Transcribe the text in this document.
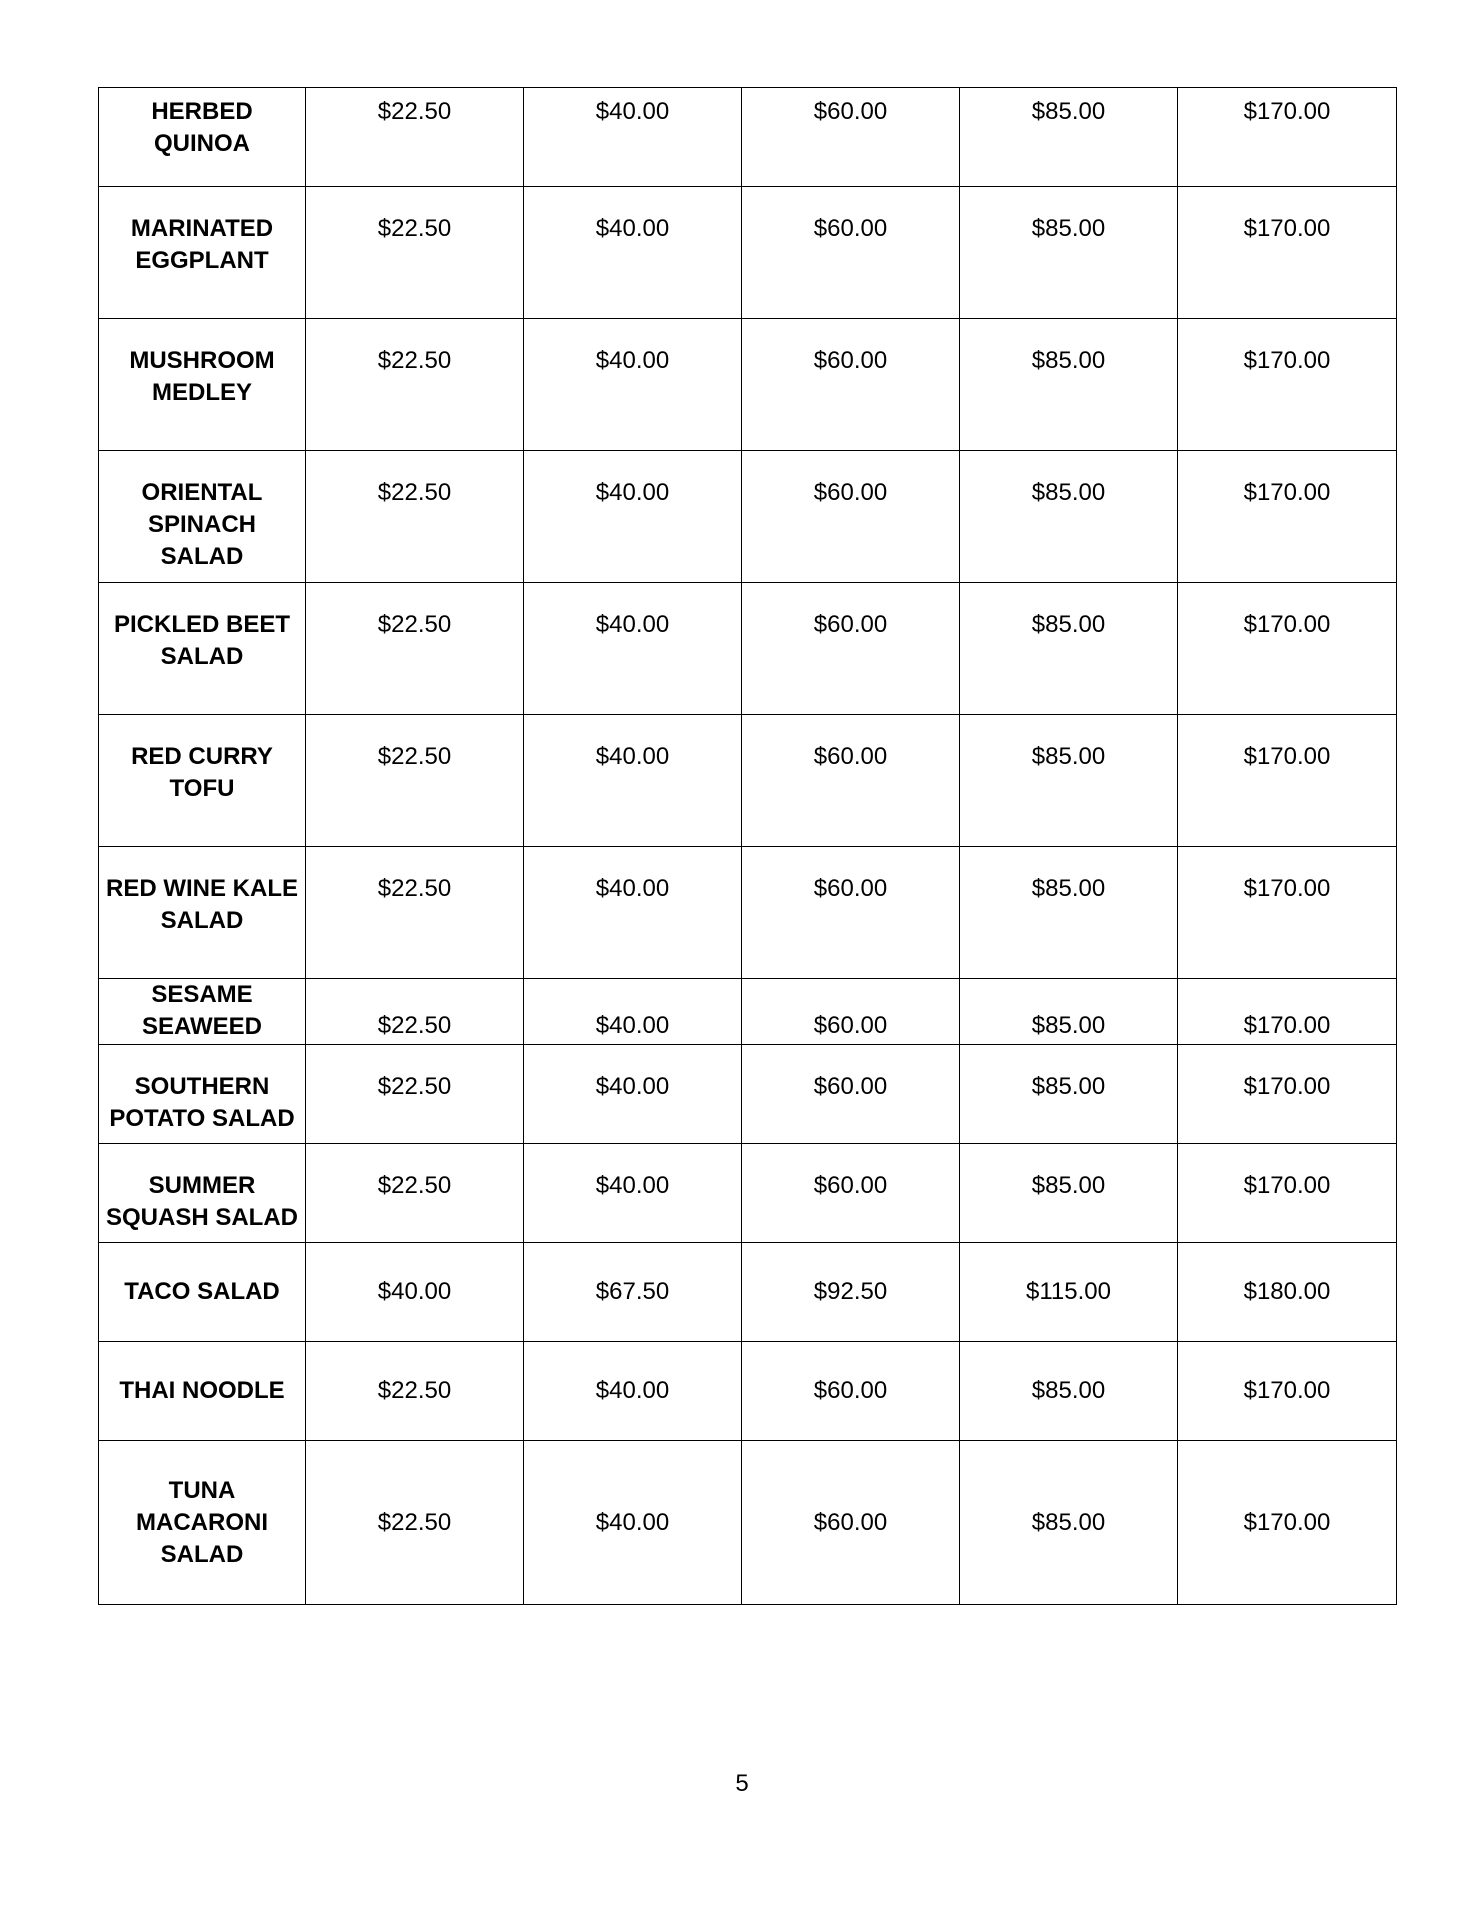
HERBED QUINOA	$22.50	$40.00	$60.00	$85.00	$170.00

MARINATED EGGPLANT	$22.50	$40.00	$60.00	$85.00	$170.00

MUSHROOM MEDLEY	$22.50	$40.00	$60.00	$85.00	$170.00

ORIENTAL SPINACH SALAD	$22.50	$40.00	$60.00	$85.00	$170.00

PICKLED BEET SALAD	$22.50	$40.00	$60.00	$85.00	$170.00

RED CURRY TOFU	$22.50	$40.00	$60.00	$85.00	$170.00

RED WINE KALE SALAD	$22.50	$40.00	$60.00	$85.00	$170.00

SESAME SEAWEED	$22.50	$40.00	$60.00	$85.00	$170.00

SOUTHERN POTATO SALAD	$22.50	$40.00	$60.00	$85.00	$170.00

SUMMER SQUASH SALAD	$22.50	$40.00	$60.00	$85.00	$170.00

TACO SALAD	$40.00	$67.50	$92.50	$115.00	$180.00

THAI NOODLE	$22.50	$40.00	$60.00	$85.00	$170.00

TUNA MACARONI SALAD	$22.50	$40.00	$60.00	$85.00	$170.00
5
